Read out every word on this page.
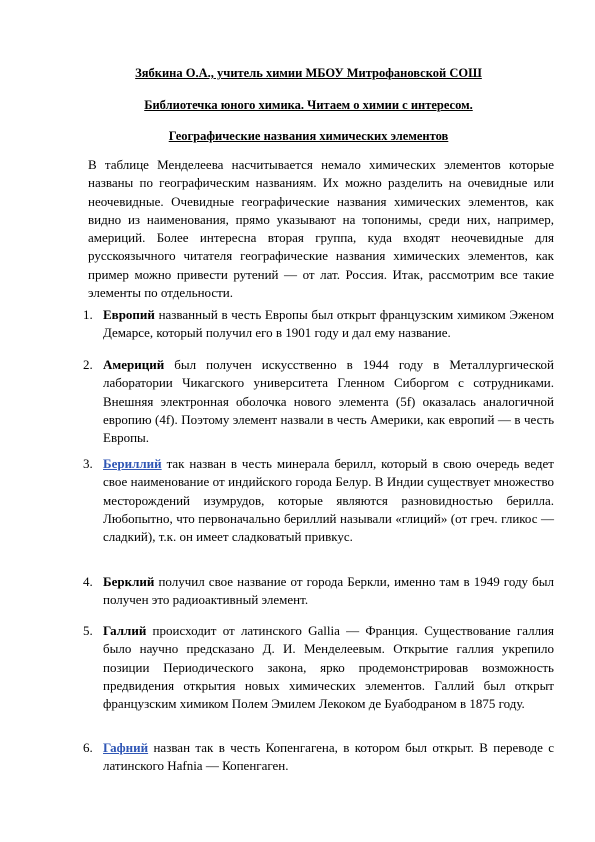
Зябкина О.А., учитель химии МБОУ Митрофановской СОШ
Библиотечка юного химика. Читаем о химии с интересом.
Географические названия химических элементов

В таблице Менделеева насчитывается немало химических элементов которые названы по географическим названиям. Их можно разделить на очевидные или неочевидные. Очевидные географические названия химических элементов, как видно из наименования, прямо указывают на топонимы, среди них, например, америций. Более интересна вторая группа, куда входят неочевидные для русскоязычного читателя географические названия химических элементов, как пример можно привести рутений — от лат. Россия. Итак, рассмотрим все такие элементы по отдельности.

1. Европий названный в честь Европы был открыт французским химиком Эженом Демарсе, который получил его в 1901 году и дал ему название.

2. Америций был получен искусственно в 1944 году в Металлургической лаборатории Чикагского университета Гленном Сиборгом с сотрудниками. Внешняя электронная оболочка нового элемента (5f) оказалась аналогичной европию (4f). Поэтому элемент назвали в честь Америки, как европий — в честь Европы.

3. Бериллий так назван в честь минерала берилл, который в свою очередь ведет свое наименование от индийского города Белур. В Индии существует множество месторождений изумрудов, которые являются разновидностью берилла. Любопытно, что первоначально бериллий называли «глиций» (от греч. гликос — сладкий), т.к. он имеет сладковатый привкус.

4. Берклий получил свое название от города Беркли, именно там в 1949 году был получен это радиоактивный элемент.

5. Галлий происходит от латинского Gallia — Франция. Существование галлия было научно предсказано Д. И. Менделеевым. Открытие галлия укрепило позиции Периодического закона, ярко продемонстрировав возможность предвидения открытия новых химических элементов. Галлий был открыт французским химиком Полем Эмилем Лекоком де Буабодраном в 1875 году.

6. Гафний назван так в честь Копенгагена, в котором был открыт. В переводе с латинского Hafnia — Копенгаген.
